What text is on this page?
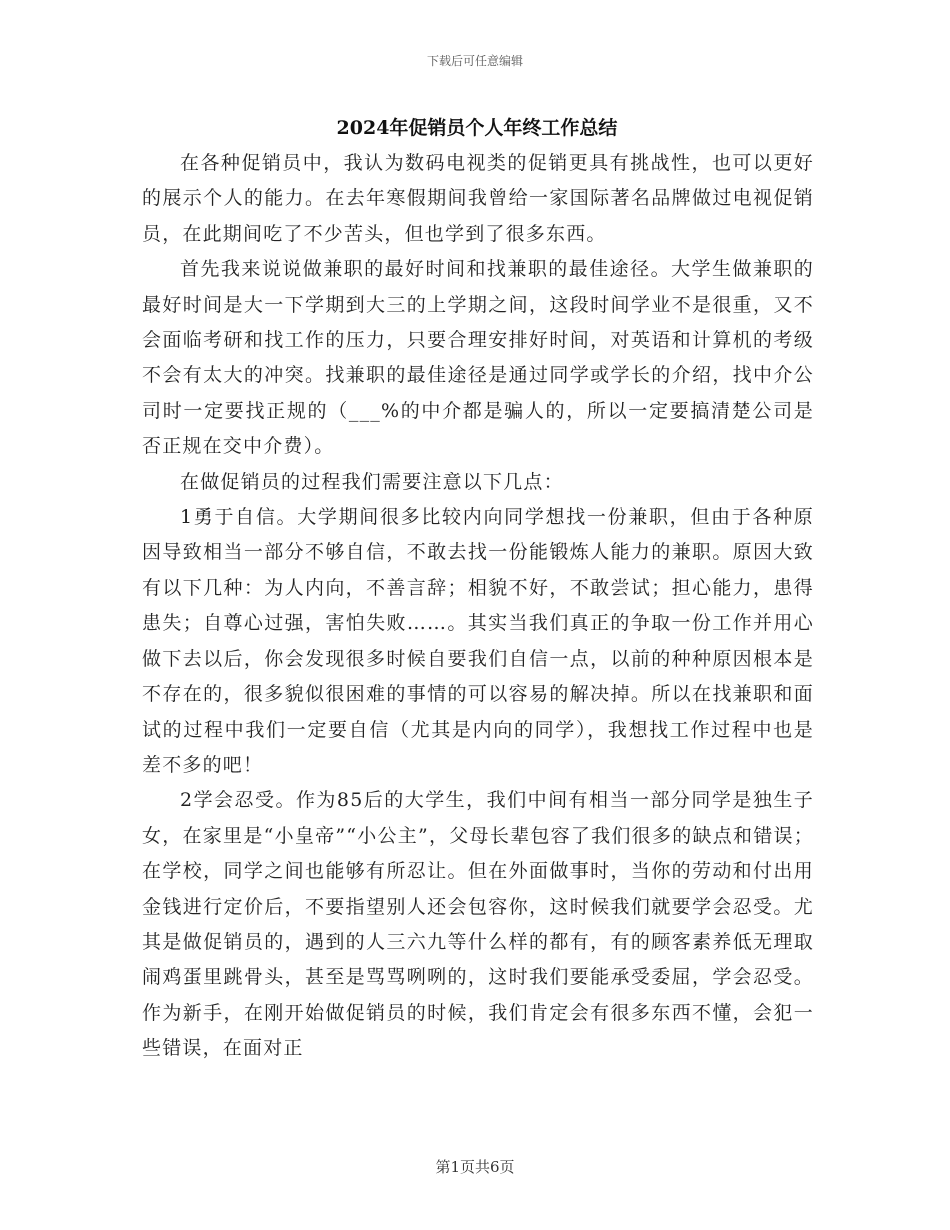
下载后可任意编辑
2024年促销员个人年终工作总结

在各种促销员中，我认为数码电视类的促销更具有挑战性，也可以更好的展示个人的能力。在去年寒假期间我曾给一家国际著名品牌做过电视促销员，在此期间吃了不少苦头，但也学到了很多东西。

首先我来说说做兼职的最好时间和找兼职的最佳途径。大学生做兼职的最好时间是大一下学期到大三的上学期之间，这段时间学业不是很重，又不会面临考研和找工作的压力，只要合理安排好时间，对英语和计算机的考级不会有太大的冲突。找兼职的最佳途径是通过同学或学长的介绍，找中介公司时一定要找正规的（___%的中介都是骗人的，所以一定要搞清楚公司是否正规在交中介费）。

在做促销员的过程我们需要注意以下几点：

1勇于自信。大学期间很多比较内向同学想找一份兼职，但由于各种原因导致相当一部分不够自信，不敢去找一份能锻炼人能力的兼职。原因大致有以下几种：为人内向，不善言辞；相貌不好，不敢尝试；担心能力，患得患失；自尊心过强，害怕失败……。其实当我们真正的争取一份工作并用心做下去以后，你会发现很多时候自要我们自信一点，以前的种种原因根本是不存在的，很多貌似很困难的事情的可以容易的解决掉。所以在找兼职和面试的过程中我们一定要自信（尤其是内向的同学），我想找工作过程中也是差不多的吧！

2学会忍受。作为85后的大学生，我们中间有相当一部分同学是独生子女，在家里是“小皇帝”“小公主”，父母长辈包容了我们很多的缺点和错误；在学校，同学之间也能够有所忍让。但在外面做事时，当你的劳动和付出用金钱进行定价后，不要指望别人还会包容你，这时候我们就要学会忍受。尤其是做促销员的，遇到的人三六九等什么样的都有，有的顾客素养低无理取闹鸡蛋里跳骨头，甚至是骂骂咧咧的，这时我们要能承受委屈，学会忍受。作为新手，在刚开始做促销员的时候，我们肯定会有很多东西不懂，会犯一些错误，在面对正

第1页共6页
